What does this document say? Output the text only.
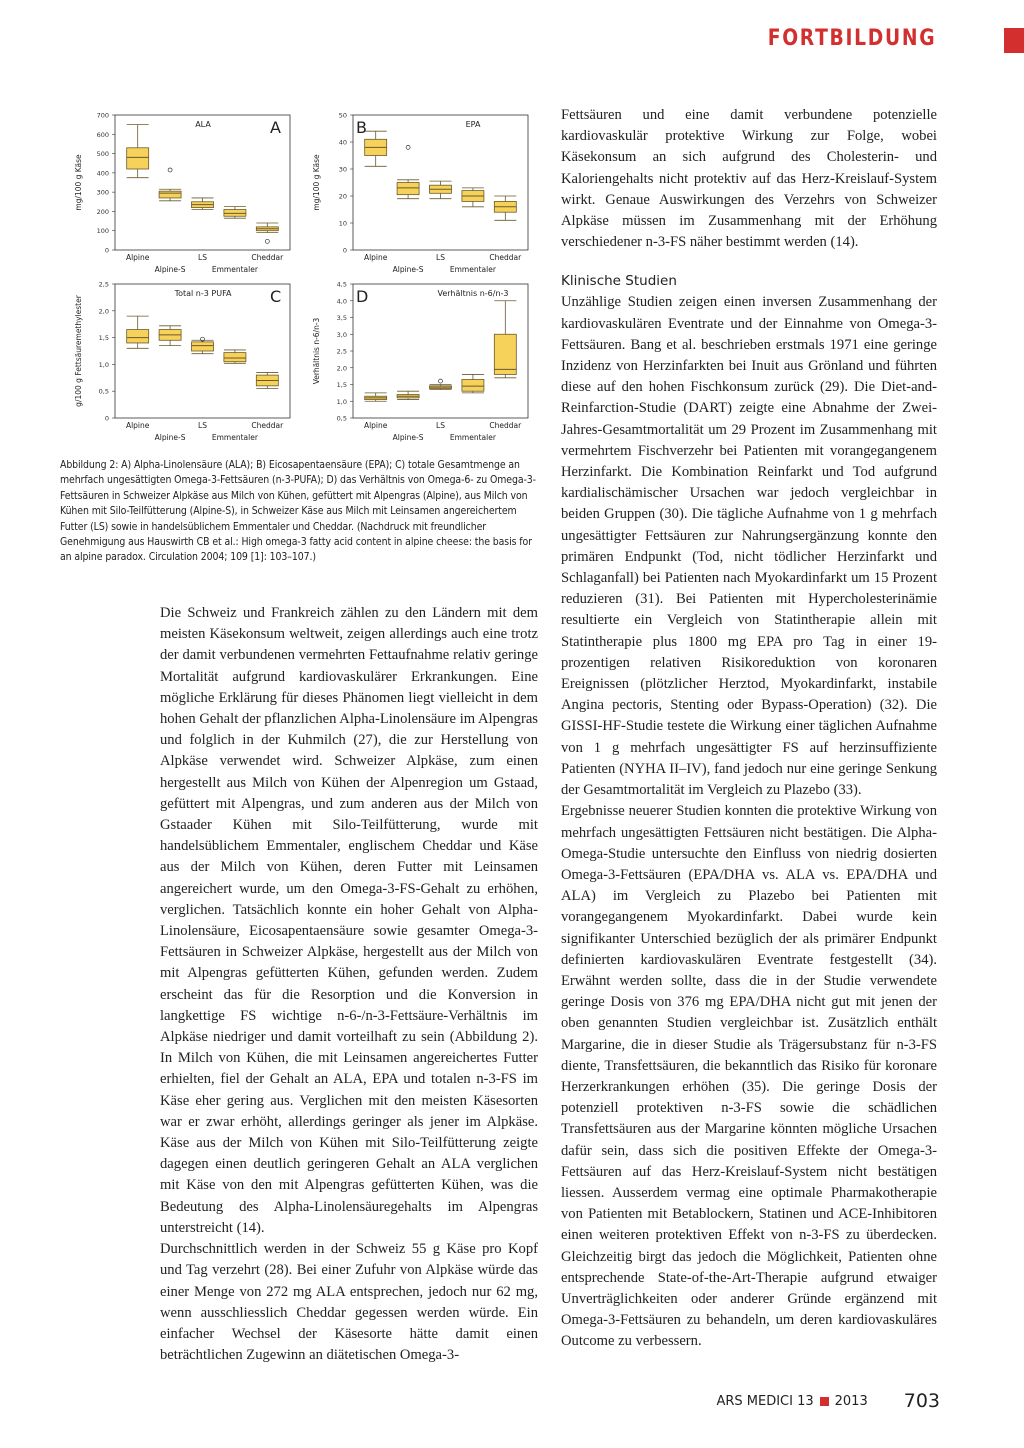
FORTBILDUNG
0
100
200
300
400
500
600
700
mg/100 g Käse
A
ALA
Alpine
Alpine-S
LS
Emmentaler
Cheddar
0
10
20
30
40
50
mg/100 g Käse
B	EPA
Alpine
Alpine-S
LS
Emmentaler
Cheddar
0
0,5
1,0
1,5
2,0
2,5
g/100 g Fettsäuremethylester	C
Total n-3 PUFA
Alpine
Alpine-S
LS
Emmentaler
Cheddar
0,5
1,0
1,5
2,0
2,5
3,0
3,5
4,0
4,5
Verhältnis n-6/n-3
D	Verhältnis n-6/n-3
Alpine
Alpine-S
LS
Emmentaler
Cheddar
Abbildung 2: A) Alpha-Linolensäure (ALA); B) Eicosapentaensäure (EPA); C) totale Gesamtmenge an mehrfach ungesättigten Omega-3-Fettsäuren (n-3-PUFA); D) das Verhältnis von Omega-6- zu Omega-3-Fettsäuren in Schweizer Alpkäse aus Milch von Kühen, gefüttert mit Alpengras (Alpine), aus Milch von Kühen mit Silo-Teilfütterung (Alpine-S), in Schweizer Käse aus Milch mit Leinsamen angereichertem Futter (LS) sowie in handelsüblichem Emmentaler und Cheddar. (Nachdruck mit freundlicher Genehmigung aus Hauswirth CB et al.: High omega-3 fatty acid content in alpine cheese: the basis for an alpine paradox. Circulation 2004; 109 [1]: 103–107.)

Die Schweiz und Frankreich zählen zu den Ländern mit dem meisten Käsekonsum weltweit, zeigen allerdings auch eine trotz der damit verbundenen vermehrten Fettaufnahme relativ geringe Mortalität aufgrund kardiovaskulärer Erkrankungen. Eine mögliche Erklärung für dieses Phänomen liegt vielleicht in dem hohen Gehalt der pflanzlichen Alpha-Linolensäure im Alpengras und folglich in der Kuhmilch (27), die zur Herstellung von Alpkäse verwendet wird. Schweizer Alpkäse, zum einen hergestellt aus Milch von Kühen der Alpenregion um Gstaad, gefüttert mit Alpengras, und zum anderen aus der Milch von Gstaader Kühen mit Silo-Teilfütterung, wurde mit handelsüblichem Emmentaler, englischem Cheddar und Käse aus der Milch von Kühen, deren Futter mit Leinsamen angereichert wurde, um den Omega-3-FS-Gehalt zu erhöhen, verglichen. Tatsächlich konnte ein hoher Gehalt von Alpha-Linolensäure, Eicosapentaensäure sowie gesamter Omega-3-Fettsäuren in Schweizer Alpkäse, hergestellt aus der Milch von mit Alpengras gefütterten Kühen, gefunden werden. Zudem erscheint das für die Resorption und die Konversion in langkettige FS wichtige n-6-/n-3-Fettsäure-Verhältnis im Alpkäse niedriger und damit vorteilhaft zu sein (Abbildung 2). In Milch von Kühen, die mit Leinsamen angereichertes Futter erhielten, fiel der Gehalt an ALA, EPA und totalen n-3-FS im Käse eher gering aus. Verglichen mit den meisten Käsesorten war er zwar erhöht, allerdings geringer als jener im Alpkäse. Käse aus der Milch von Kühen mit Silo-Teilfütterung zeigte dagegen einen deutlich geringeren Gehalt an ALA verglichen mit Käse von den mit Alpengras gefütterten Kühen, was die Bedeutung des Alpha-Linolensäuregehalts im Alpengras unterstreicht (14).

Durchschnittlich werden in der Schweiz 55 g Käse pro Kopf und Tag verzehrt (28). Bei einer Zufuhr von Alpkäse würde das einer Menge von 272 mg ALA entsprechen, jedoch nur 62 mg, wenn ausschliesslich Cheddar gegessen werden würde. Ein einfacher Wechsel der Käsesorte hätte damit einen beträchtlichen Zugewinn an diätetischen Omega-3-

Fettsäuren und eine damit verbundene potenzielle kardiovaskulär protektive Wirkung zur Folge, wobei Käsekonsum an sich aufgrund des Cholesterin- und Kaloriengehalts nicht protektiv auf das Herz-Kreislauf-System wirkt. Genaue Auswirkungen des Verzehrs von Schweizer Alpkäse müssen im Zusammenhang mit der Erhöhung verschiedener n-3-FS näher bestimmt werden (14).

Klinische Studien

Unzählige Studien zeigen einen inversen Zusammenhang der kardiovaskulären Eventrate und der Einnahme von Omega-3-Fettsäuren. Bang et al. beschrieben erstmals 1971 eine geringe Inzidenz von Herzinfarkten bei Inuit aus Grönland und führten diese auf den hohen Fischkonsum zurück (29). Die Diet-and-Reinfarction-Studie (DART) zeigte eine Abnahme der Zwei-Jahres-Gesamtmortalität um 29 Prozent im Zusammenhang mit vermehrtem Fischverzehr bei Patienten mit vorangegangenem Herzinfarkt. Die Kombination Reinfarkt und Tod aufgrund kardialischämischer Ursachen war jedoch vergleichbar in beiden Gruppen (30). Die tägliche Aufnahme von 1 g mehrfach ungesättigter Fettsäuren zur Nahrungsergänzung konnte den primären Endpunkt (Tod, nicht tödlicher Herzinfarkt und Schlaganfall) bei Patienten nach Myokardinfarkt um 15 Prozent reduzieren (31). Bei Patienten mit Hypercholesterinämie resultierte ein Vergleich von Statintherapie allein mit Statintherapie plus 1800 mg EPA pro Tag in einer 19-prozentigen relativen Risikoreduktion von koronaren Ereignissen (plötzlicher Herztod, Myokardinfarkt, instabile Angina pectoris, Stenting oder Bypass-Operation) (32). Die GISSI-HF-Studie testete die Wirkung einer täglichen Aufnahme von 1 g mehrfach ungesättigter FS auf herzinsuffiziente Patienten (NYHA II–IV), fand jedoch nur eine geringe Senkung der Gesamtmortalität im Vergleich zu Plazebo (33).

Ergebnisse neuerer Studien konnten die protektive Wirkung von mehrfach ungesättigten Fettsäuren nicht bestätigen. Die Alpha-Omega-Studie untersuchte den Einfluss von niedrig dosierten Omega-3-Fettsäuren (EPA/DHA vs. ALA vs. EPA/DHA und ALA) im Vergleich zu Plazebo bei Patienten mit vorangegangenem Myokardinfarkt. Dabei wurde kein signifikanter Unterschied bezüglich der als primärer Endpunkt definierten kardiovaskulären Eventrate festgestellt (34). Erwähnt werden sollte, dass die in der Studie verwendete geringe Dosis von 376 mg EPA/DHA nicht gut mit jenen der oben genannten Studien vergleichbar ist. Zusätzlich enthält Margarine, die in dieser Studie als Trägersubstanz für n-3-FS diente, Transfettsäuren, die bekanntlich das Risiko für koronare Herzerkrankungen erhöhen (35). Die geringe Dosis der potenziell protektiven n-3-FS sowie die schädlichen Transfettsäuren aus der Margarine könnten mögliche Ursachen dafür sein, dass sich die positiven Effekte der Omega-3-Fettsäuren auf das Herz-Kreislauf-System nicht bestätigen liessen. Ausserdem vermag eine optimale Pharmakotherapie von Patienten mit Betablockern, Statinen und ACE-Inhibitoren einen weiteren protektiven Effekt von n-3-FS zu überdecken. Gleichzeitig birgt das jedoch die Möglichkeit, Patienten ohne entsprechende State-of-the-Art-Therapie aufgrund etwaiger Unverträglichkeiten oder anderer Gründe ergänzend mit Omega-3-Fettsäuren zu behandeln, um deren kardiovaskuläres Outcome zu verbessern.

ARS MEDICI 13 2013 703
